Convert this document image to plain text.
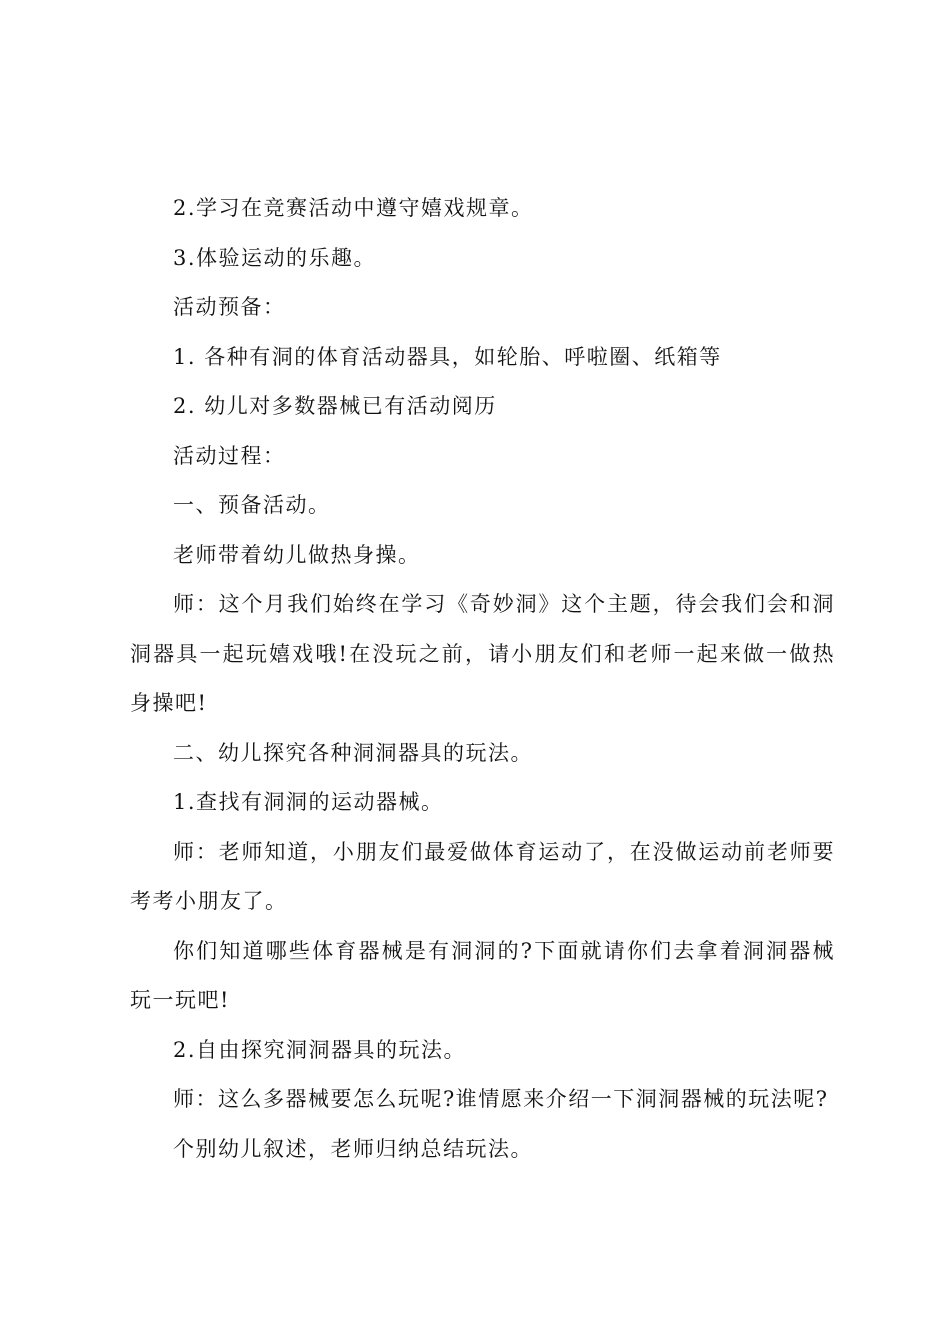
2.学习在竞赛活动中遵守嬉戏规章。

3.体验运动的乐趣。

活动预备：

1. 各种有洞的体育活动器具，如轮胎、呼啦圈、纸箱等

2. 幼儿对多数器械已有活动阅历

活动过程：

一、预备活动。

老师带着幼儿做热身操。

师：这个月我们始终在学习《奇妙洞》这个主题，待会我们会和洞洞器具一起玩嬉戏哦!在没玩之前，请小朋友们和老师一起来做一做热身操吧!

二、幼儿探究各种洞洞器具的玩法。

1.查找有洞洞的运动器械。

师：老师知道，小朋友们最爱做体育运动了，在没做运动前老师要考考小朋友了。

你们知道哪些体育器械是有洞洞的?下面就请你们去拿着洞洞器械玩一玩吧!

2.自由探究洞洞器具的玩法。

师：这么多器械要怎么玩呢?谁情愿来介绍一下洞洞器械的玩法呢?

个别幼儿叙述，老师归纳总结玩法。
